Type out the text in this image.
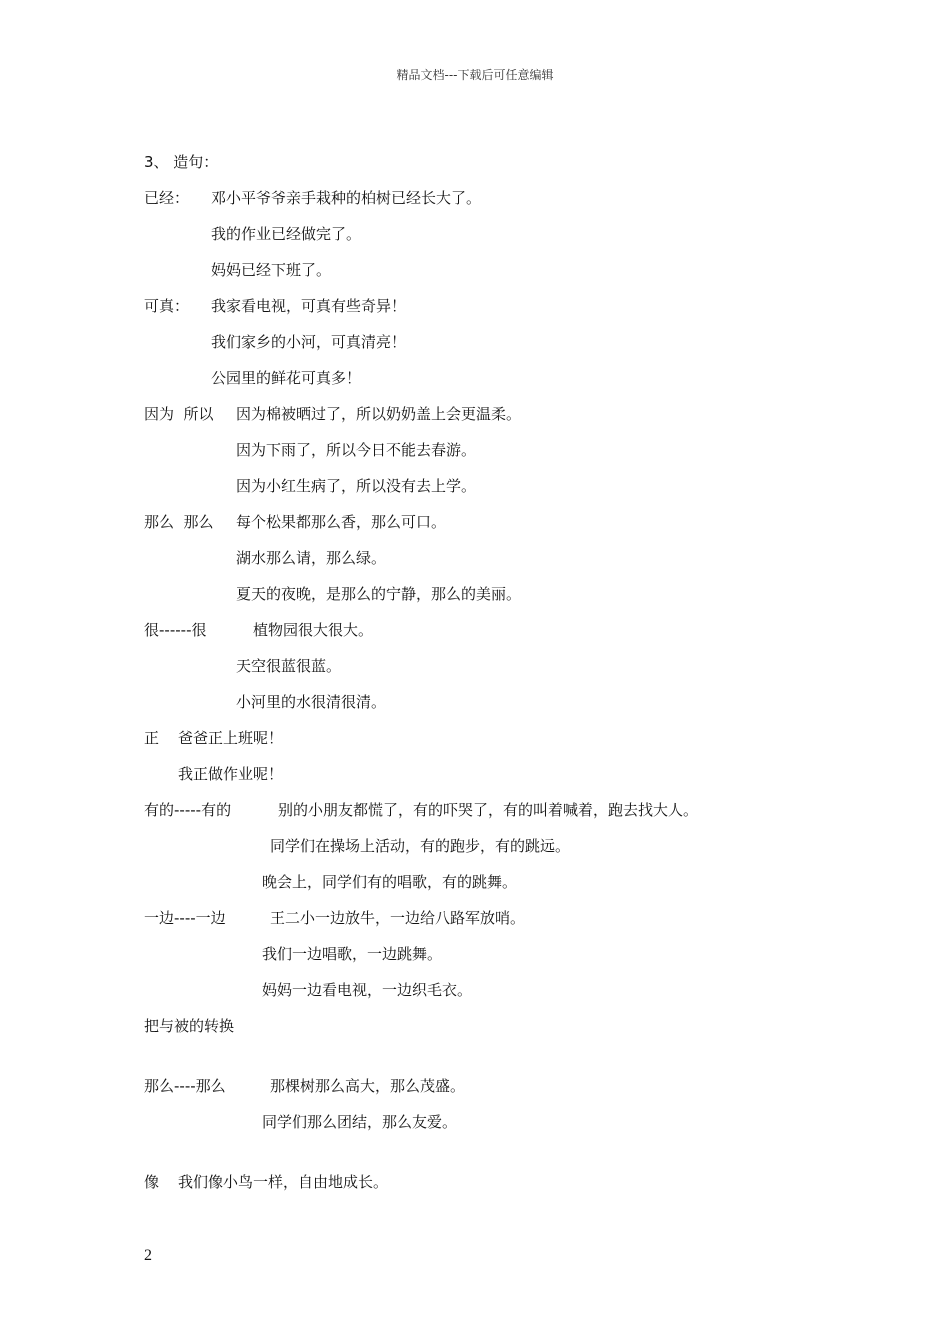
精品文档---下载后可任意编辑
3、 造句：
已经： 邓小平爷爷亲手栽种的柏树已经长大了。
我的作业已经做完了。
妈妈已经下班了。
可真： 我家看电视，可真有些奇异！
我们家乡的小河，可真清亮！
公园里的鲜花可真多！
因为  所以 因为棉被晒过了，所以奶奶盖上会更温柔。
因为下雨了，所以今日不能去春游。
因为小红生病了，所以没有去上学。
那么  那么 每个松果都那么香，那么可口。
湖水那么请，那么绿。
夏天的夜晚，是那么的宁静，那么的美丽。
很------很	植物园很大很大。
天空很蓝很蓝。
小河里的水很清很清。
正 爸爸正上班呢！
我正做作业呢！
有的-----有的	别的小朋友都慌了，有的吓哭了，有的叫着喊着，跑去找大人。
同学们在操场上活动，有的跑步，有的跳远。
晚会上，同学们有的唱歌，有的跳舞。
一边----一边	王二小一边放牛，一边给八路军放哨。
我们一边唱歌，一边跳舞。
妈妈一边看电视，一边织毛衣。
把与被的转换
那么----那么	那棵树那么高大，那么茂盛。
同学们那么团结，那么友爱。
像 我们像小鸟一样，自由地成长。
2
